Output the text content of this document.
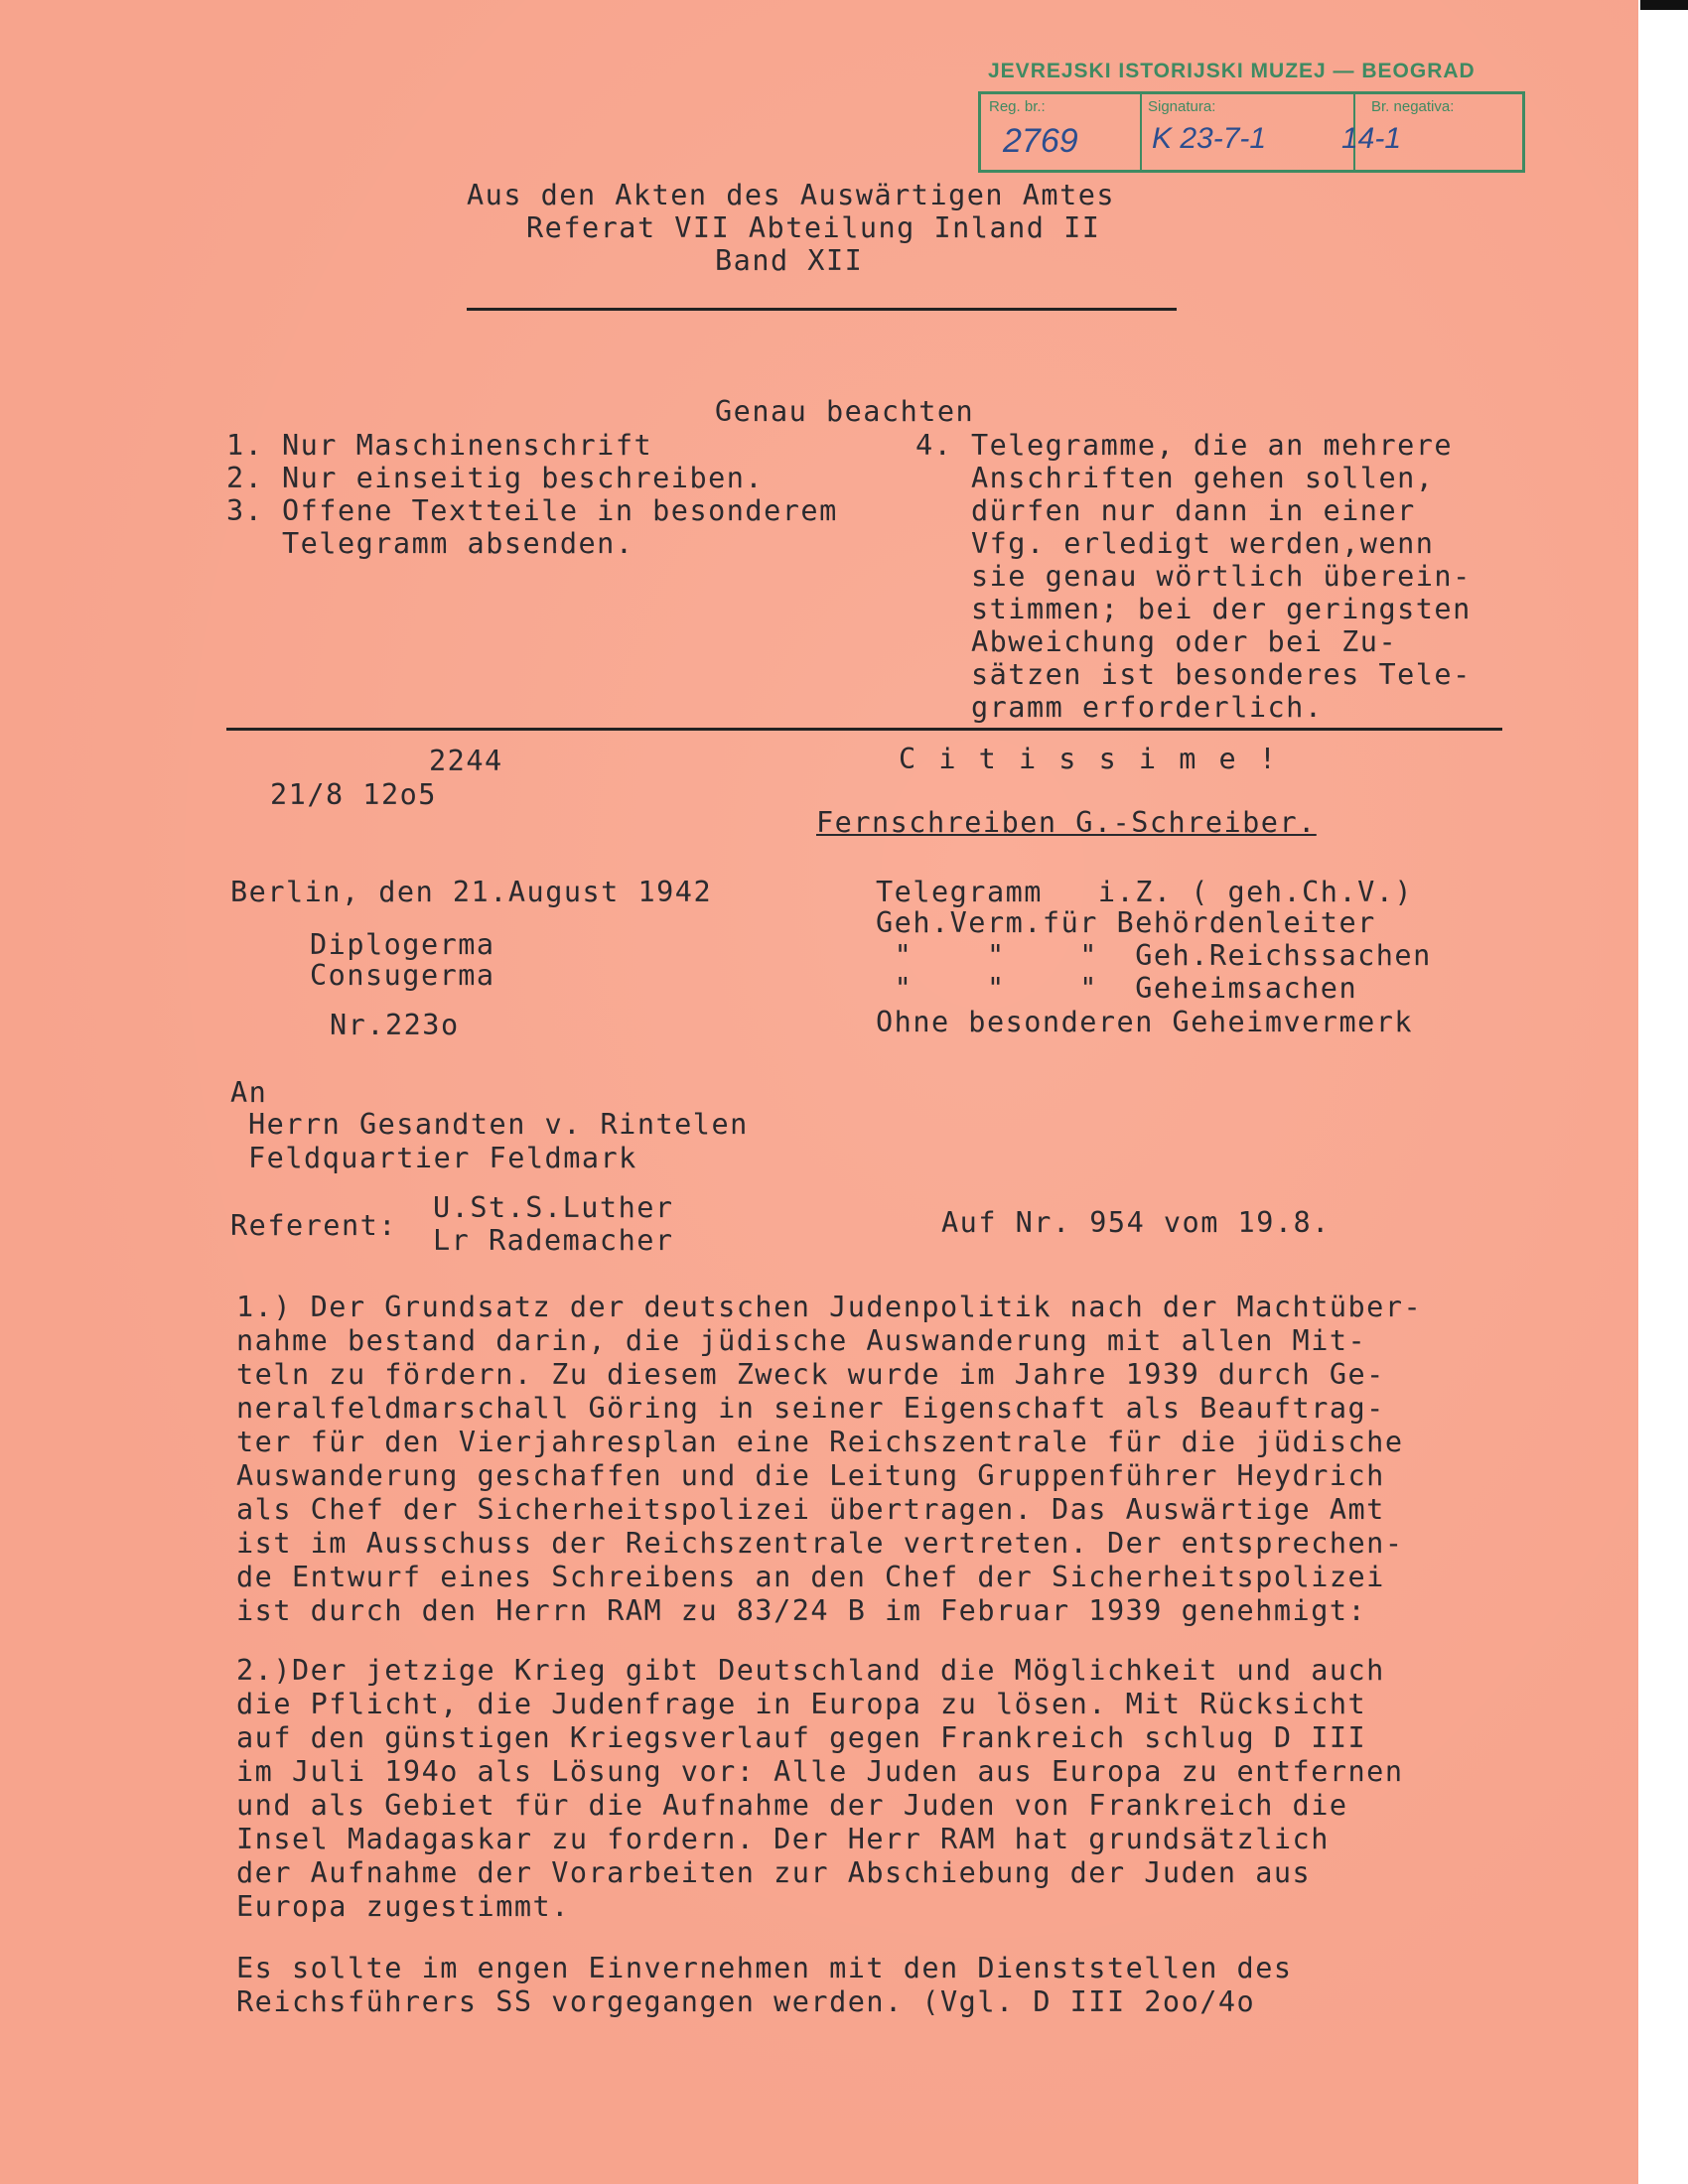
JEVREJSKI ISTORIJSKI MUZEJ — BEOGRAD
Reg. br.:
2769
Signatura:
K 23-7-1
Br. negativa:
14-1
Aus den Akten des Auswärtigen Amtes
Referat VII Abteilung Inland II
Band XII
Genau beachten
1. Nur Maschinenschrift
2. Nur einseitig beschreiben.
3. Offene Textteile in besonderem
Telegramm absenden.
4. Telegramme, die an mehrere
Anschriften gehen sollen,
dürfen nur dann in einer
Vfg. erledigt werden,wenn
sie genau wörtlich überein-
stimmen; bei der geringsten
Abweichung oder bei Zu-
sätzen ist besonderes Tele-
gramm erforderlich.
2244
21/8 12o5
C i t i s s i m e !
Fernschreiben G.-Schreiber.
Berlin, den 21.August 1942
Diplogerma
Consugerma
Nr.223o
Telegramm   i.Z. ( geh.Ch.V.)
Geh.Verm.für Behördenleiter
"    "    "  Geh.Reichssachen
"    "    "  Geheimsachen
Ohne besonderen Geheimvermerk
An
Herrn Gesandten v. Rintelen
Feldquartier Feldmark
Referent:
U.St.S.Luther
Lr Rademacher
Auf Nr. 954 vom 19.8.
1.) Der Grundsatz der deutschen Judenpolitik nach der Machtüber-
nahme bestand darin, die jüdische Auswanderung mit allen Mit-
teln zu fördern. Zu diesem Zweck wurde im Jahre 1939 durch Ge-
neralfeldmarschall Göring in seiner Eigenschaft als Beauftrag-
ter für den Vierjahresplan eine Reichszentrale für die jüdische
Auswanderung geschaffen und die Leitung Gruppenführer Heydrich
als Chef der Sicherheitspolizei übertragen. Das Auswärtige Amt
ist im Ausschuss der Reichszentrale vertreten. Der entsprechen-
de Entwurf eines Schreibens an den Chef der Sicherheitspolizei
ist durch den Herrn RAM zu 83/24 B im Februar 1939 genehmigt:
2.)Der jetzige Krieg gibt Deutschland die Möglichkeit und auch
die Pflicht, die Judenfrage in Europa zu lösen. Mit Rücksicht
auf den günstigen Kriegsverlauf gegen Frankreich schlug D III
im Juli 194o als Lösung vor: Alle Juden aus Europa zu entfernen
und als Gebiet für die Aufnahme der Juden von Frankreich die
Insel Madagaskar zu fordern. Der Herr RAM hat grundsätzlich
der Aufnahme der Vorarbeiten zur Abschiebung der Juden aus
Europa zugestimmt.
Es sollte im engen Einvernehmen mit den Dienststellen des
Reichsführers SS vorgegangen werden. (Vgl. D III 2oo/4o
